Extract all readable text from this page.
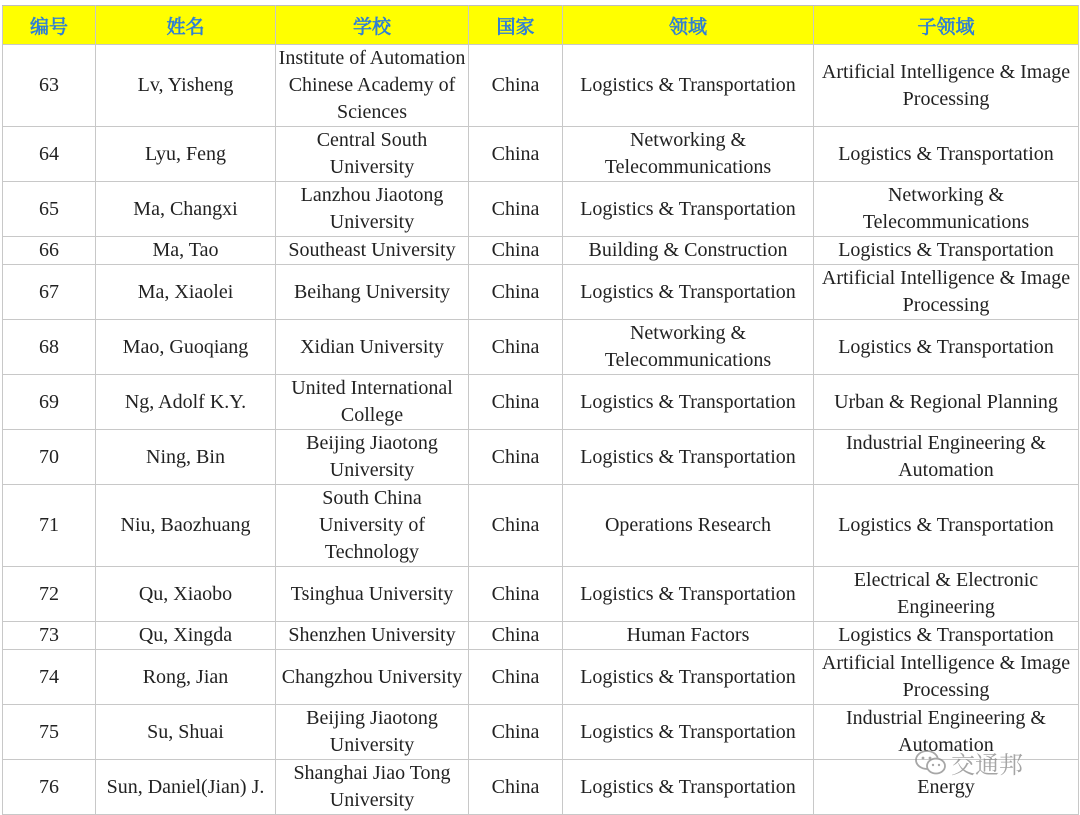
编号	姓名	学校	国家	领域	子领域
63	Lv, Yisheng	Institute of Automation Chinese Academy of Sciences	China	Logistics & Transportation	Artificial Intelligence & Image Processing
64	Lyu, Feng	Central South University	China	Networking & Telecommunications	Logistics & Transportation
65	Ma, Changxi	Lanzhou Jiaotong University	China	Logistics & Transportation	Networking & Telecommunications
66	Ma, Tao	Southeast University	China	Building & Construction	Logistics & Transportation
67	Ma, Xiaolei	Beihang University	China	Logistics & Transportation	Artificial Intelligence & Image Processing
68	Mao, Guoqiang	Xidian University	China	Networking & Telecommunications	Logistics & Transportation
69	Ng, Adolf K.Y.	United International College	China	Logistics & Transportation	Urban & Regional Planning
70	Ning, Bin	Beijing Jiaotong University	China	Logistics & Transportation	Industrial Engineering & Automation
71	Niu, Baozhuang	South China University of Technology	China	Operations Research	Logistics & Transportation
72	Qu, Xiaobo	Tsinghua University	China	Logistics & Transportation	Electrical & Electronic Engineering
73	Qu, Xingda	Shenzhen University	China	Human Factors	Logistics & Transportation
74	Rong, Jian	Changzhou University	China	Logistics & Transportation	Artificial Intelligence & Image Processing
75	Su, Shuai	Beijing Jiaotong University	China	Logistics & Transportation	Industrial Engineering & Automation
76	Sun, Daniel(Jian) J.	Shanghai Jiao Tong University	China	Logistics & Transportation	Energy
交通邦
